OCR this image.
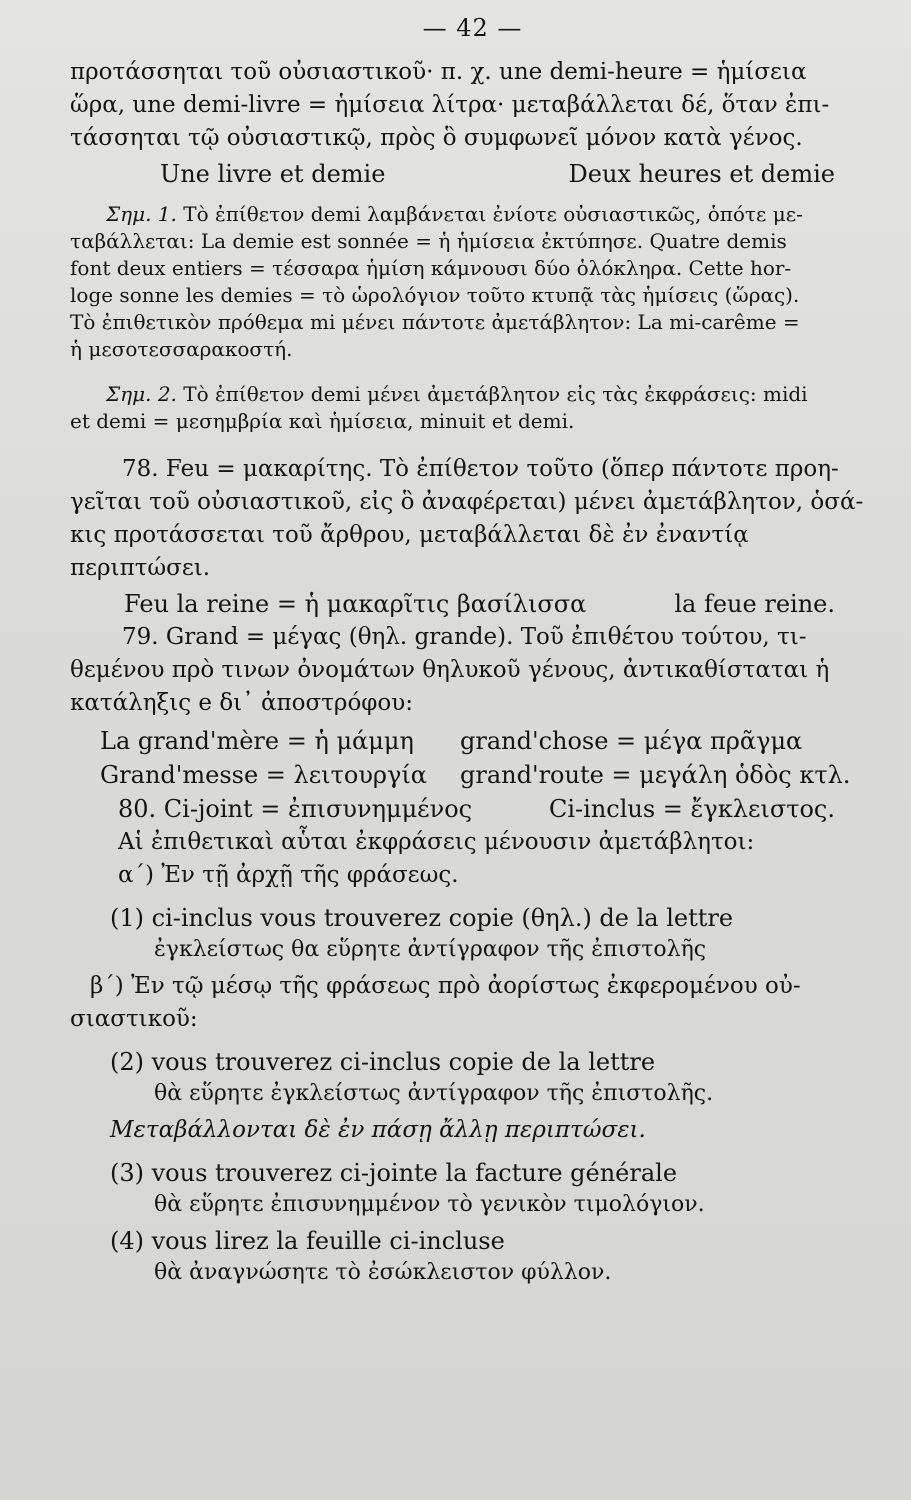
— 42 —

προτάσσηται τοῦ οὐσιαστικοῦ· π. χ. une demi-heure = ἡμίσεια

ὥρα, une demi-livre = ἡμίσεια λίτρα· μεταβάλλεται δέ, ὅταν ἐπι-

τάσσηται τῷ οὐσιαστικῷ, πρὸς ὃ συμφωνεῖ μόνον κατὰ γένος.

Une livre et demie	Deux heures et demie

Σημ. 1. Τὸ ἐπίθετον demi λαμβάνεται ἐνίοτε οὐσιαστικῶς, ὁπότε με-

ταβάλλεται: La demie est sonnée = ἡ ἡμίσεια ἐκτύπησε. Quatre demis

font deux entiers = τέσσαρα ἡμίση κάμνουσι δύο ὁλόκληρα. Cette hor-

loge sonne les demies = τὸ ὡρολόγιον τοῦτο κτυπᾷ τὰς ἡμίσεις (ὥρας).

Τὸ ἐπιθετικὸν πρόθεμα mi μένει πάντοτε ἀμετάβλητον: La mi-carême =

ἡ μεσοτεσσαρακοστή.

Σημ. 2. Τὸ ἐπίθετον demi μένει ἀμετάβλητον εἰς τὰς ἐκφράσεις: midi

et demi = μεσημβρία καὶ ἡμίσεια, minuit et demi.

78. Feu = μακαρίτης. Τὸ ἐπίθετον τοῦτο (ὅπερ πάντοτε προη-

γεῖται τοῦ οὐσιαστικοῦ, εἰς ὃ ἀναφέρεται) μένει ἀμετάβλητον, ὁσά-

κις προτάσσεται τοῦ ἄρθρου, μεταβάλλεται δὲ ἐν ἐναντίᾳ περιπτώσει.

Feu la reine = ἡ μακαρῖτις βασίλισσα	la feue reine.

79. Grand = μέγας (θηλ. grande). Τοῦ ἐπιθέτου τούτου, τι-

θεμένου πρὸ τινων ὀνομάτων θηλυκοῦ γένους, ἀντικαθίσταται ἡ

κατάληξις e δι᾿ ἀποστρόφου:

La grand'mère = ἡ μάμμη	grand'chose = μέγα πρᾶγμα
Grand'messe = λειτουργία	grand'route = μεγάλη ὁδὸς κτλ.
80. Ci-joint = ἐπισυνημμένος	Ci-inclus = ἔγκλειστος.

Αἱ ἐπιθετικαὶ αὗται ἐκφράσεις μένουσιν ἀμετάβλητοι:

α΄) Ἐν τῇ ἀρχῇ τῆς φράσεως.

(1) ci-inclus vous trouverez copie (θηλ.) de la lettre

ἐγκλείστως θα εὕρητε ἀντίγραφον τῆς ἐπιστολῆς

β΄) Ἐν τῷ μέσῳ τῆς φράσεως πρὸ ἀορίστως ἐκφερομένου οὐ-

σιαστικοῦ:

(2) vous trouverez ci-inclus copie de la lettre

θὰ εὕρητε ἐγκλείστως ἀντίγραφον τῆς ἐπιστολῆς.

Μεταβάλλονται δὲ ἐν πάσῃ ἄλλῃ περιπτώσει.

(3) vous trouverez ci-jointe la facture générale

θὰ εὕρητε ἐπισυνημμένον τὸ γενικὸν τιμολόγιον.

(4) vous lirez la feuille ci-incluse

θὰ ἀναγνώσητε τὸ ἐσώκλειστον φύλλον.
